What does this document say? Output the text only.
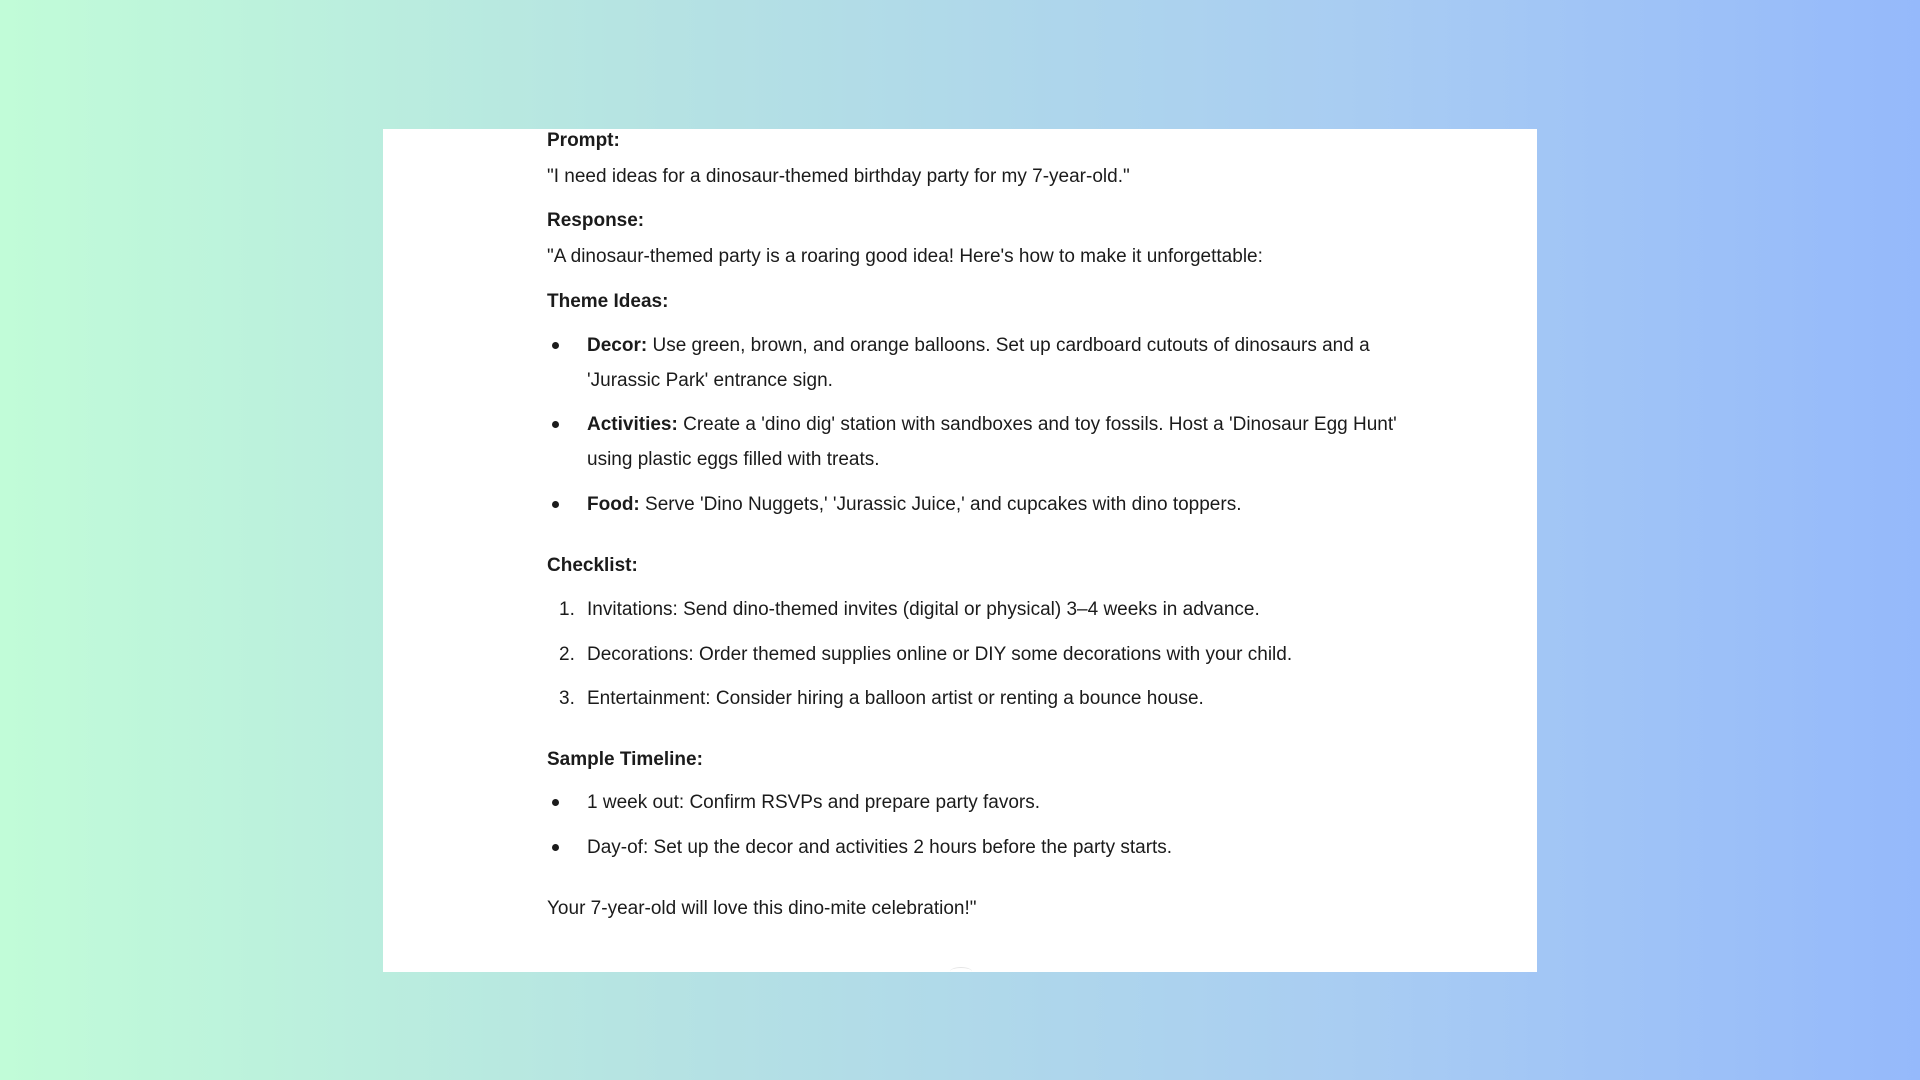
Prompt:
"I need ideas for a dinosaur-themed birthday party for my 7-year-old."
Response:
"A dinosaur-themed party is a roaring good idea! Here's how to make it unforgettable:
Theme Ideas:
Decor: Use green, brown, and orange balloons. Set up cardboard cutouts of dinosaurs and a 'Jurassic Park' entrance sign.
Activities: Create a 'dino dig' station with sandboxes and toy fossils. Host a 'Dinosaur Egg Hunt' using plastic eggs filled with treats.
Food: Serve 'Dino Nuggets,' 'Jurassic Juice,' and cupcakes with dino toppers.
Checklist:
1. Invitations: Send dino-themed invites (digital or physical) 3–4 weeks in advance.
2. Decorations: Order themed supplies online or DIY some decorations with your child.
3. Entertainment: Consider hiring a balloon artist or renting a bounce house.
Sample Timeline:
1 week out: Confirm RSVPs and prepare party favors.
Day-of: Set up the decor and activities 2 hours before the party starts.
Your 7-year-old will love this dino-mite celebration!"
